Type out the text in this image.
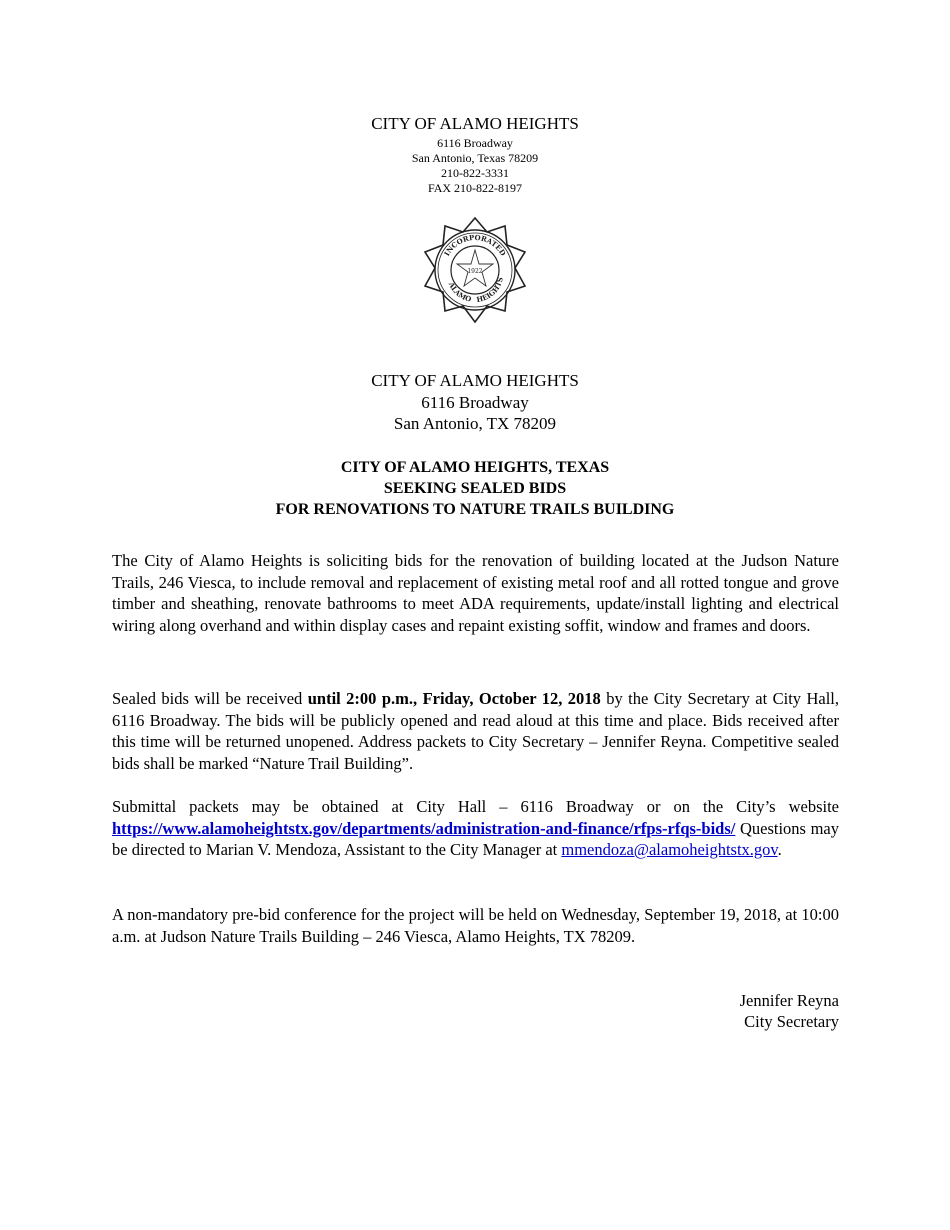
CITY OF ALAMO HEIGHTS
6116 Broadway
San Antonio, Texas 78209
210-822-3331
FAX 210-822-8197
INCORPORATED
ALAMO HEIGHTS
1922
CITY OF ALAMO HEIGHTS
6116 Broadway
San Antonio, TX 78209
CITY OF ALAMO HEIGHTS, TEXAS
SEEKING SEALED BIDS
FOR RENOVATIONS TO NATURE TRAILS BUILDING
The City of Alamo Heights is soliciting bids for the renovation of building located at the Judson Nature Trails, 246 Viesca, to include removal and replacement of existing metal roof and all rotted tongue and grove timber and sheathing, renovate bathrooms to meet ADA requirements, update/install lighting and electrical wiring along overhand and within display cases and repaint existing soffit, window and frames and doors.
Sealed bids will be received until 2:00 p.m., Friday, October 12, 2018 by the City Secretary at City Hall, 6116 Broadway. The bids will be publicly opened and read aloud at this time and place. Bids received after this time will be returned unopened. Address packets to City Secretary – Jennifer Reyna. Competitive sealed bids shall be marked “Nature Trail Building”.
Submittal packets may be obtained at City Hall – 6116 Broadway or on the City’s website https://www.alamoheightstx.gov/departments/administration-and-finance/rfps-rfqs-bids/ Questions may be directed to Marian V. Mendoza, Assistant to the City Manager at mmendoza@alamoheightstx.gov.
A non-mandatory pre-bid conference for the project will be held on Wednesday, September 19, 2018, at 10:00 a.m. at Judson Nature Trails Building – 246 Viesca, Alamo Heights, TX 78209.
Jennifer Reyna
City Secretary
